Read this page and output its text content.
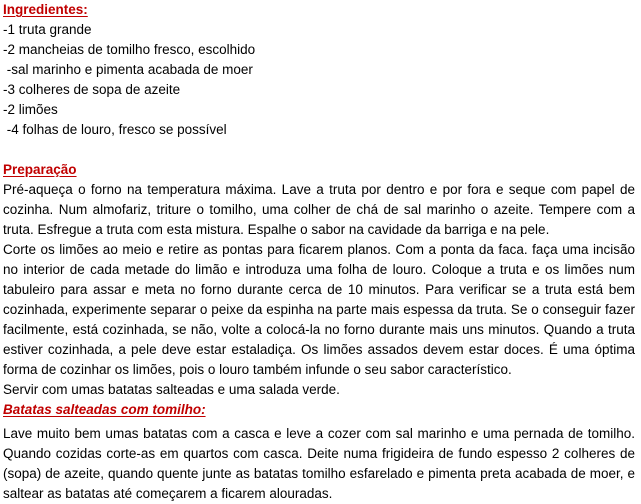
Ingredientes:
-1 truta grande
-2 mancheias de tomilho fresco, escolhido
-sal marinho e pimenta acabada de moer
-3 colheres de sopa de azeite
-2 limões
-4 folhas de louro, fresco se possível
Preparação

Pré-aqueça o forno na temperatura máxima. Lave a truta por dentro e por fora e seque com papel de cozinha. Num almofariz, triture o tomilho, uma colher de chá de sal marinho o azeite. Tempere com a truta. Esfregue a truta com esta mistura. Espalhe o sabor na cavidade da barriga e na pele.

Corte os limões ao meio e retire as pontas para ficarem planos. Com a ponta da faca. faça uma incisão no interior de cada metade do limão e introduza uma folha de louro. Coloque a truta e os limões num tabuleiro para assar e meta no forno durante cerca de 10 minutos. Para verificar se a truta está bem cozinhada, experimente separar o peixe da espinha na parte mais espessa da truta. Se o conseguir fazer facilmente, está cozinhada, se não, volte a colocá-la no forno durante mais uns minutos. Quando a truta estiver cozinhada, a pele deve estar estaladiça. Os limões assados devem estar doces. É uma óptima forma de cozinhar os limões, pois o louro também infunde o seu sabor característico.

Servir com umas batatas salteadas e uma salada verde.

Batatas salteadas com tomilho:

Lave muito bem umas batatas com a casca e leve a cozer com sal marinho e uma pernada de tomilho. Quando cozidas corte-as em quartos com casca. Deite numa frigideira de fundo espesso 2 colheres de (sopa) de azeite, quando quente junte as batatas tomilho esfarelado e pimenta preta acabada de moer, e saltear as batatas até começarem a ficarem alouradas.
